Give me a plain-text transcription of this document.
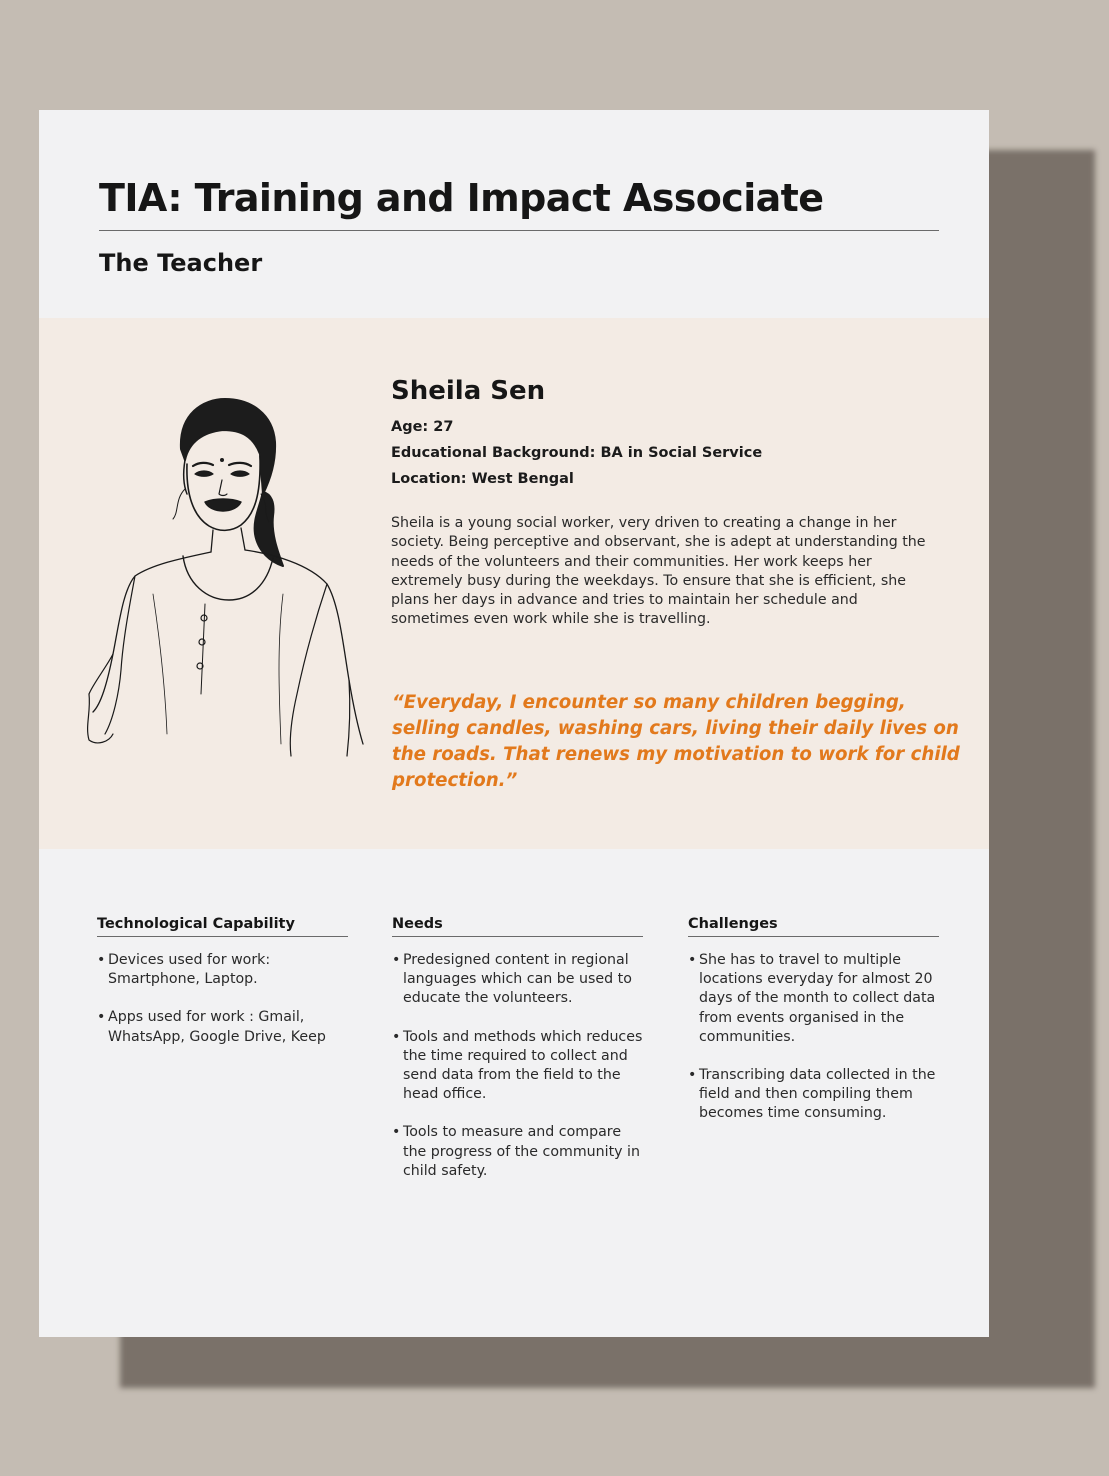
TIA: Training and Impact Associate
The Teacher
Sheila Sen
Age: 27
Educational Background: BA in Social Service
Location: West Bengal
Sheila is a young social worker, very driven to creating a change in her society. Being perceptive and observant, she is adept at understanding the needs of the volunteers and their communities. Her work keeps her extremely busy during the weekdays. To ensure that she is efficient, she plans her days in advance and tries to maintain her schedule and sometimes even work while she is travelling.
“Everyday, I encounter so many children begging, selling candles, washing cars, living their daily lives on the roads. That renews my motivation to work for child protection.”
Technological Capability
• Devices used for work: Smartphone, Laptop.
• Apps used for work : Gmail, WhatsApp, Google Drive, Keep
Needs
• Predesigned content in regional languages which can be used to educate the volunteers.
• Tools and methods which reduces the time required to collect and send data from the field to the head office.
• Tools to measure and compare the progress of the community in child safety.
Challenges
• She has to travel to multiple locations everyday for almost 20 days of the month to collect data from events organised in the communities.
• Transcribing data collected in the field and then compiling them becomes time consuming.
